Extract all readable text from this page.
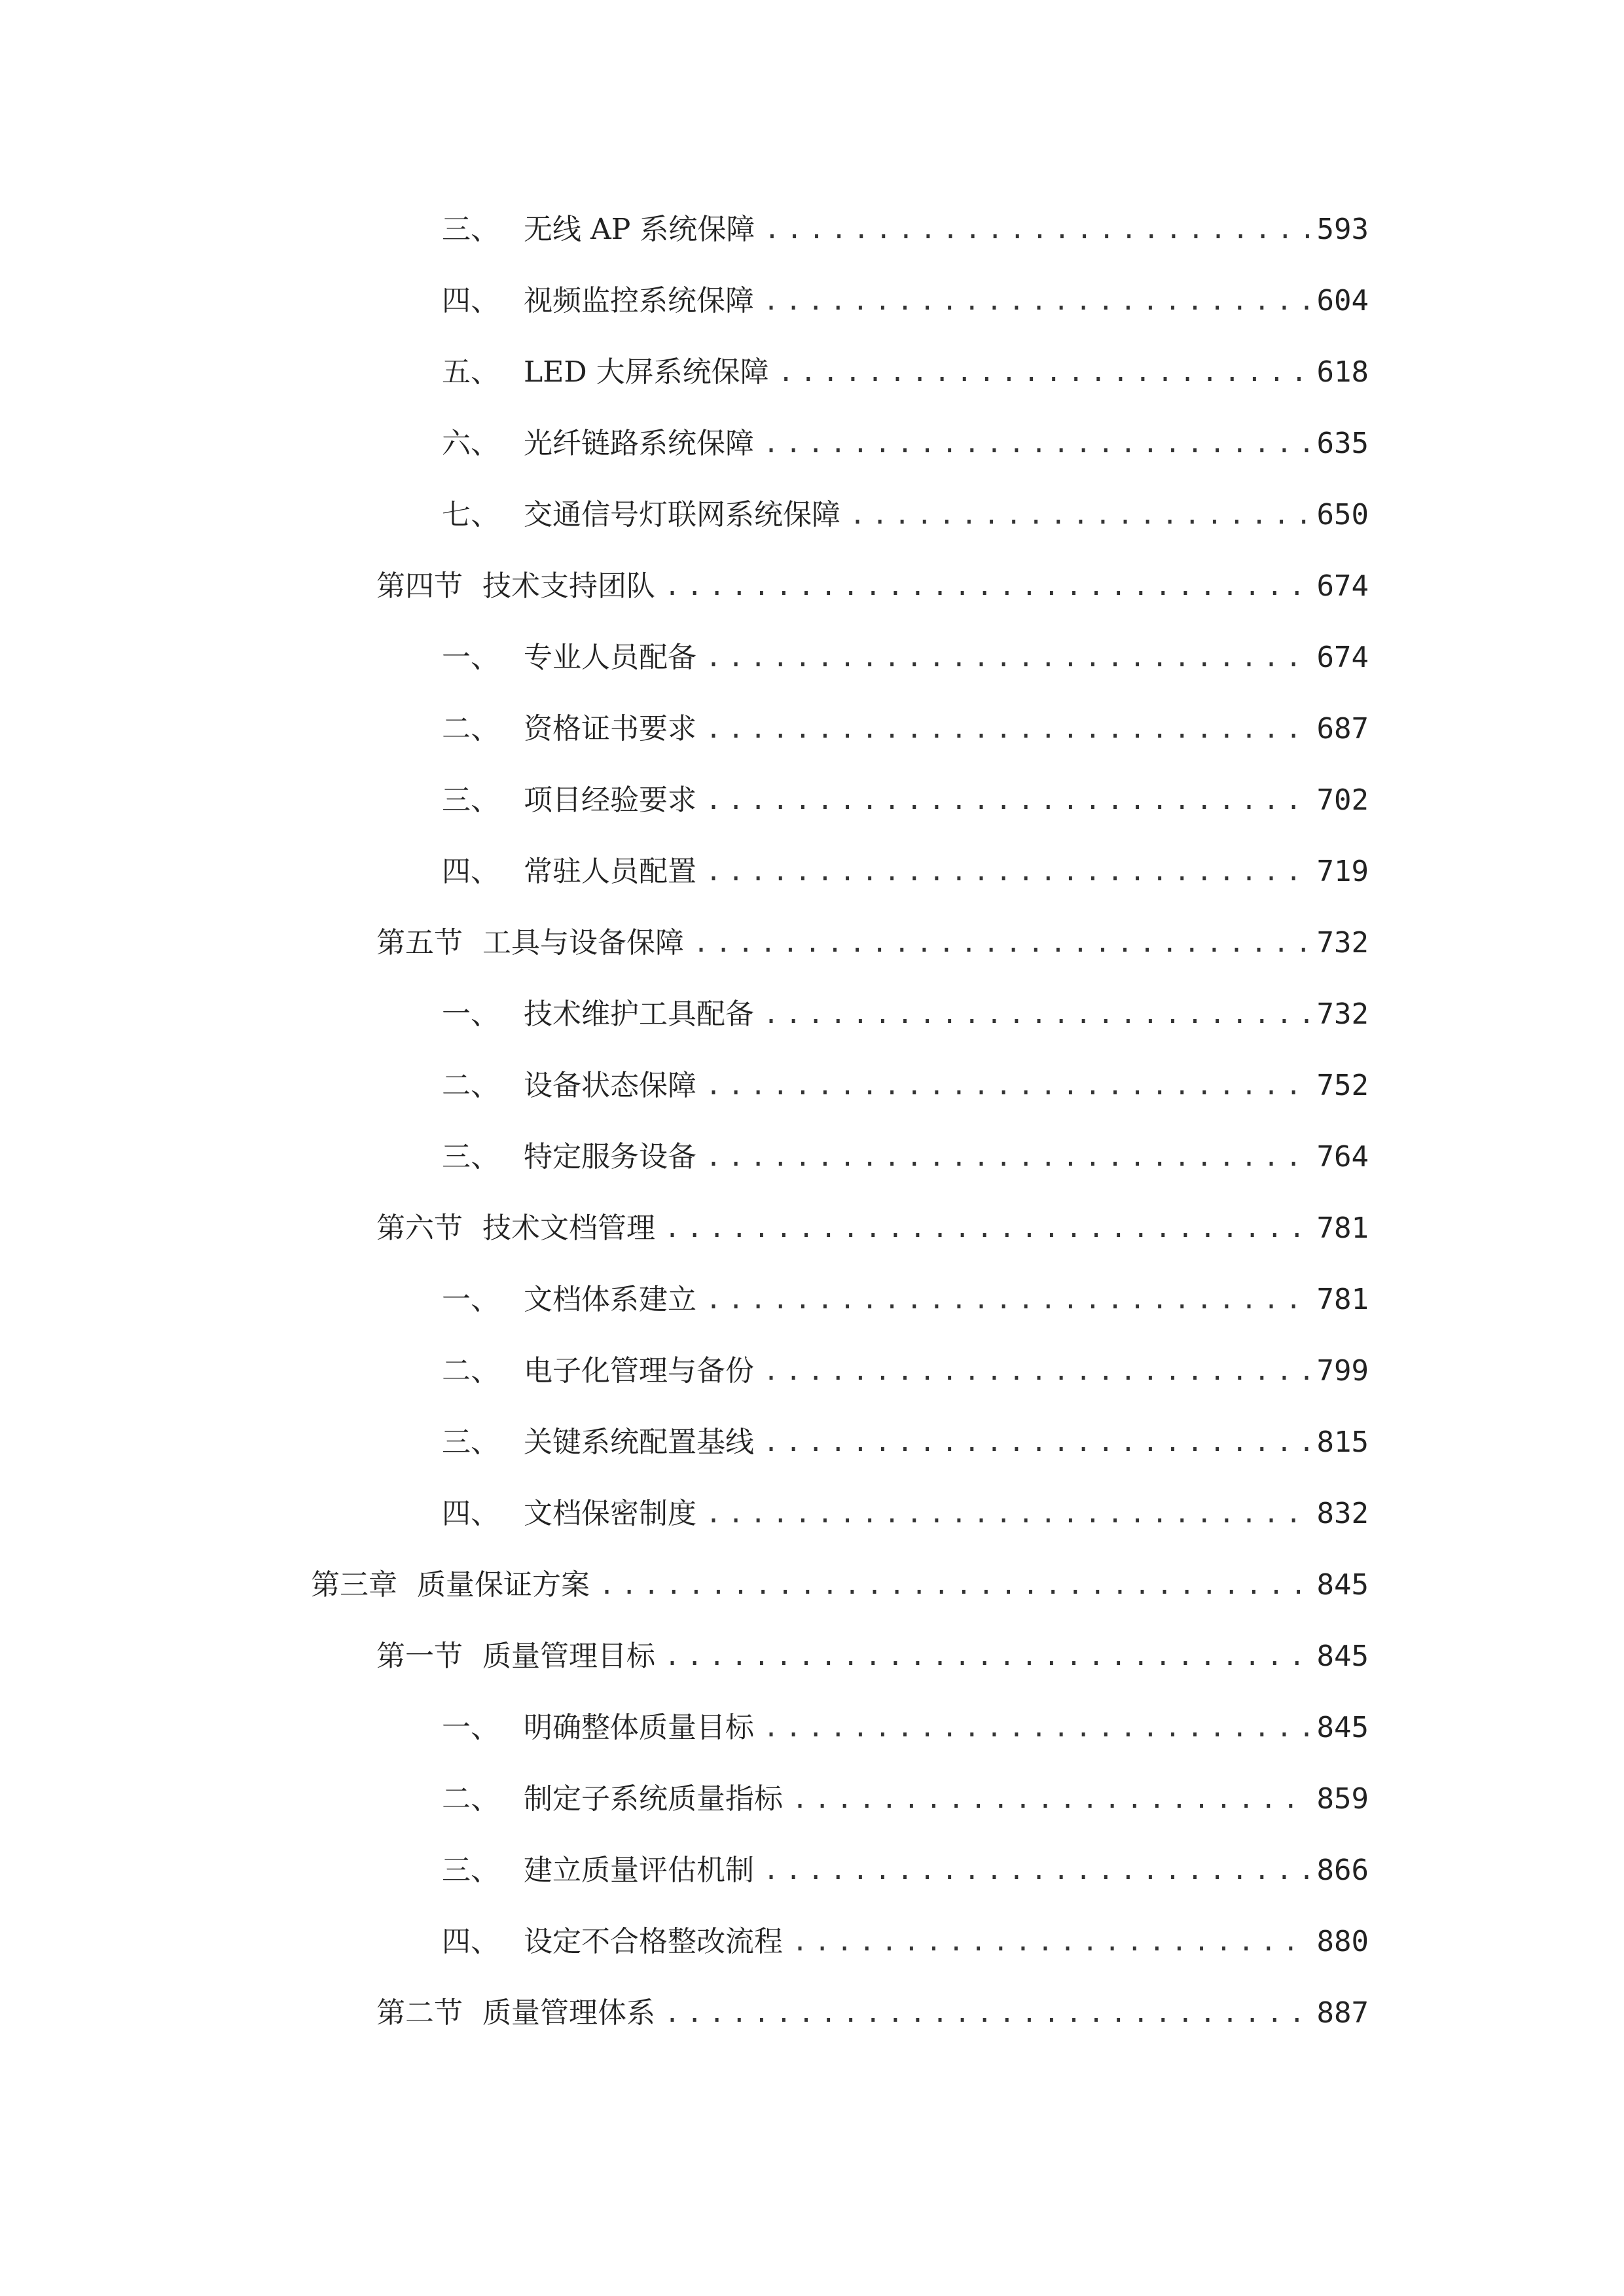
三、 无线 AP 系统保障 .....	593
四、 视频监控系统保障 .....	604
五、 LED 大屏系统保障 .....	618
六、 光纤链路系统保障 .....	635
七、 交通信号灯联网系统保障 .....	650
第四节 技术支持团队 .....	674
一、 专业人员配备 .....	674
二、 资格证书要求 .....	687
三、 项目经验要求 .....	702
四、 常驻人员配置 .....	719
第五节 工具与设备保障 .....	732
一、 技术维护工具配备 .....	732
二、 设备状态保障 .....	752
三、 特定服务设备 .....	764
第六节 技术文档管理 .....	781
一、 文档体系建立 .....	781
二、 电子化管理与备份 .....	799
三、 关键系统配置基线 .....	815
四、 文档保密制度 .....	832
第三章 质量保证方案 .....	845
第一节 质量管理目标 .....	845
一、 明确整体质量目标 .....	845
二、 制定子系统质量指标 .....	859
三、 建立质量评估机制 .....	866
四、 设定不合格整改流程 .....	880
第二节 质量管理体系 .....	887
